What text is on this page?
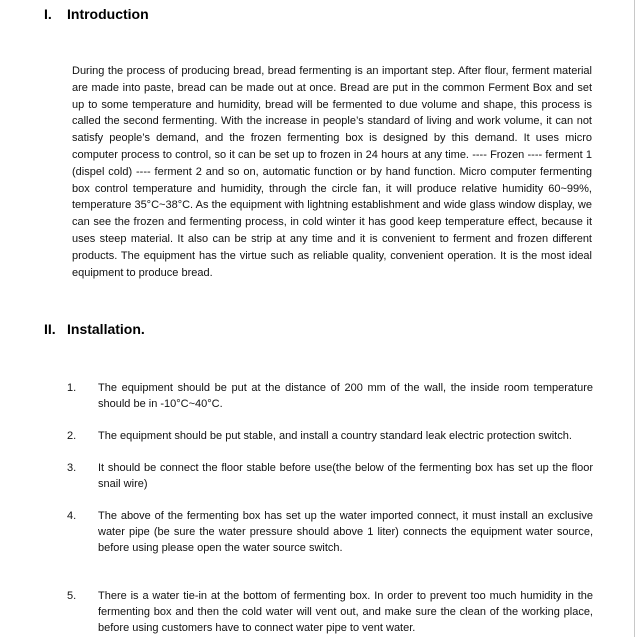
I. Introduction

During the process of producing bread, bread fermenting is an important step. After flour, ferment material are made into paste, bread can be made out at once. Bread are put in the common Ferment Box and set up to some temperature and humidity, bread will be fermented to due volume and shape, this process is called the second fermenting. With the increase in people’s standard of living and work volume, it can not satisfy people’s demand, and the frozen fermenting box is designed by this demand. It uses micro computer process to control, so it can be set up to frozen in 24 hours at any time. ---- Frozen ---- ferment 1 (dispel cold) ---- ferment 2 and so on, automatic function or by hand function. Micro computer fermenting box control temperature and humidity, through the circle fan, it will produce relative humidity 60~99%, temperature 35°C~38°C. As the equipment with lightning establishment and wide glass window display, we can see the frozen and fermenting process, in cold winter it has good keep temperature effect, because it uses steep material. It also can be strip at any time and it is convenient to ferment and frozen different products. The equipment has the virtue such as reliable quality, convenient operation. It is the most ideal equipment to produce bread.

II. Installation.
1. The equipment should be put at the distance of 200 mm of the wall, the inside room temperature should be in -10°C~40°C.
2. The equipment should be put stable, and install a country standard leak electric protection switch.
3. It should be connect the floor stable before use(the below of the fermenting box has set up the floor snail wire)
4. The above of the fermenting box has set up the water imported connect, it must install an exclusive water pipe (be sure the water pressure should above 1 liter) connects the equipment water source, before using please open the water source switch.
5. There is a water tie-in at the bottom of fermenting box. In order to prevent too much humidity in the fermenting box and then the cold water will vent out, and make sure the clean of the working place, before using customers have to connect water pipe to vent water.
